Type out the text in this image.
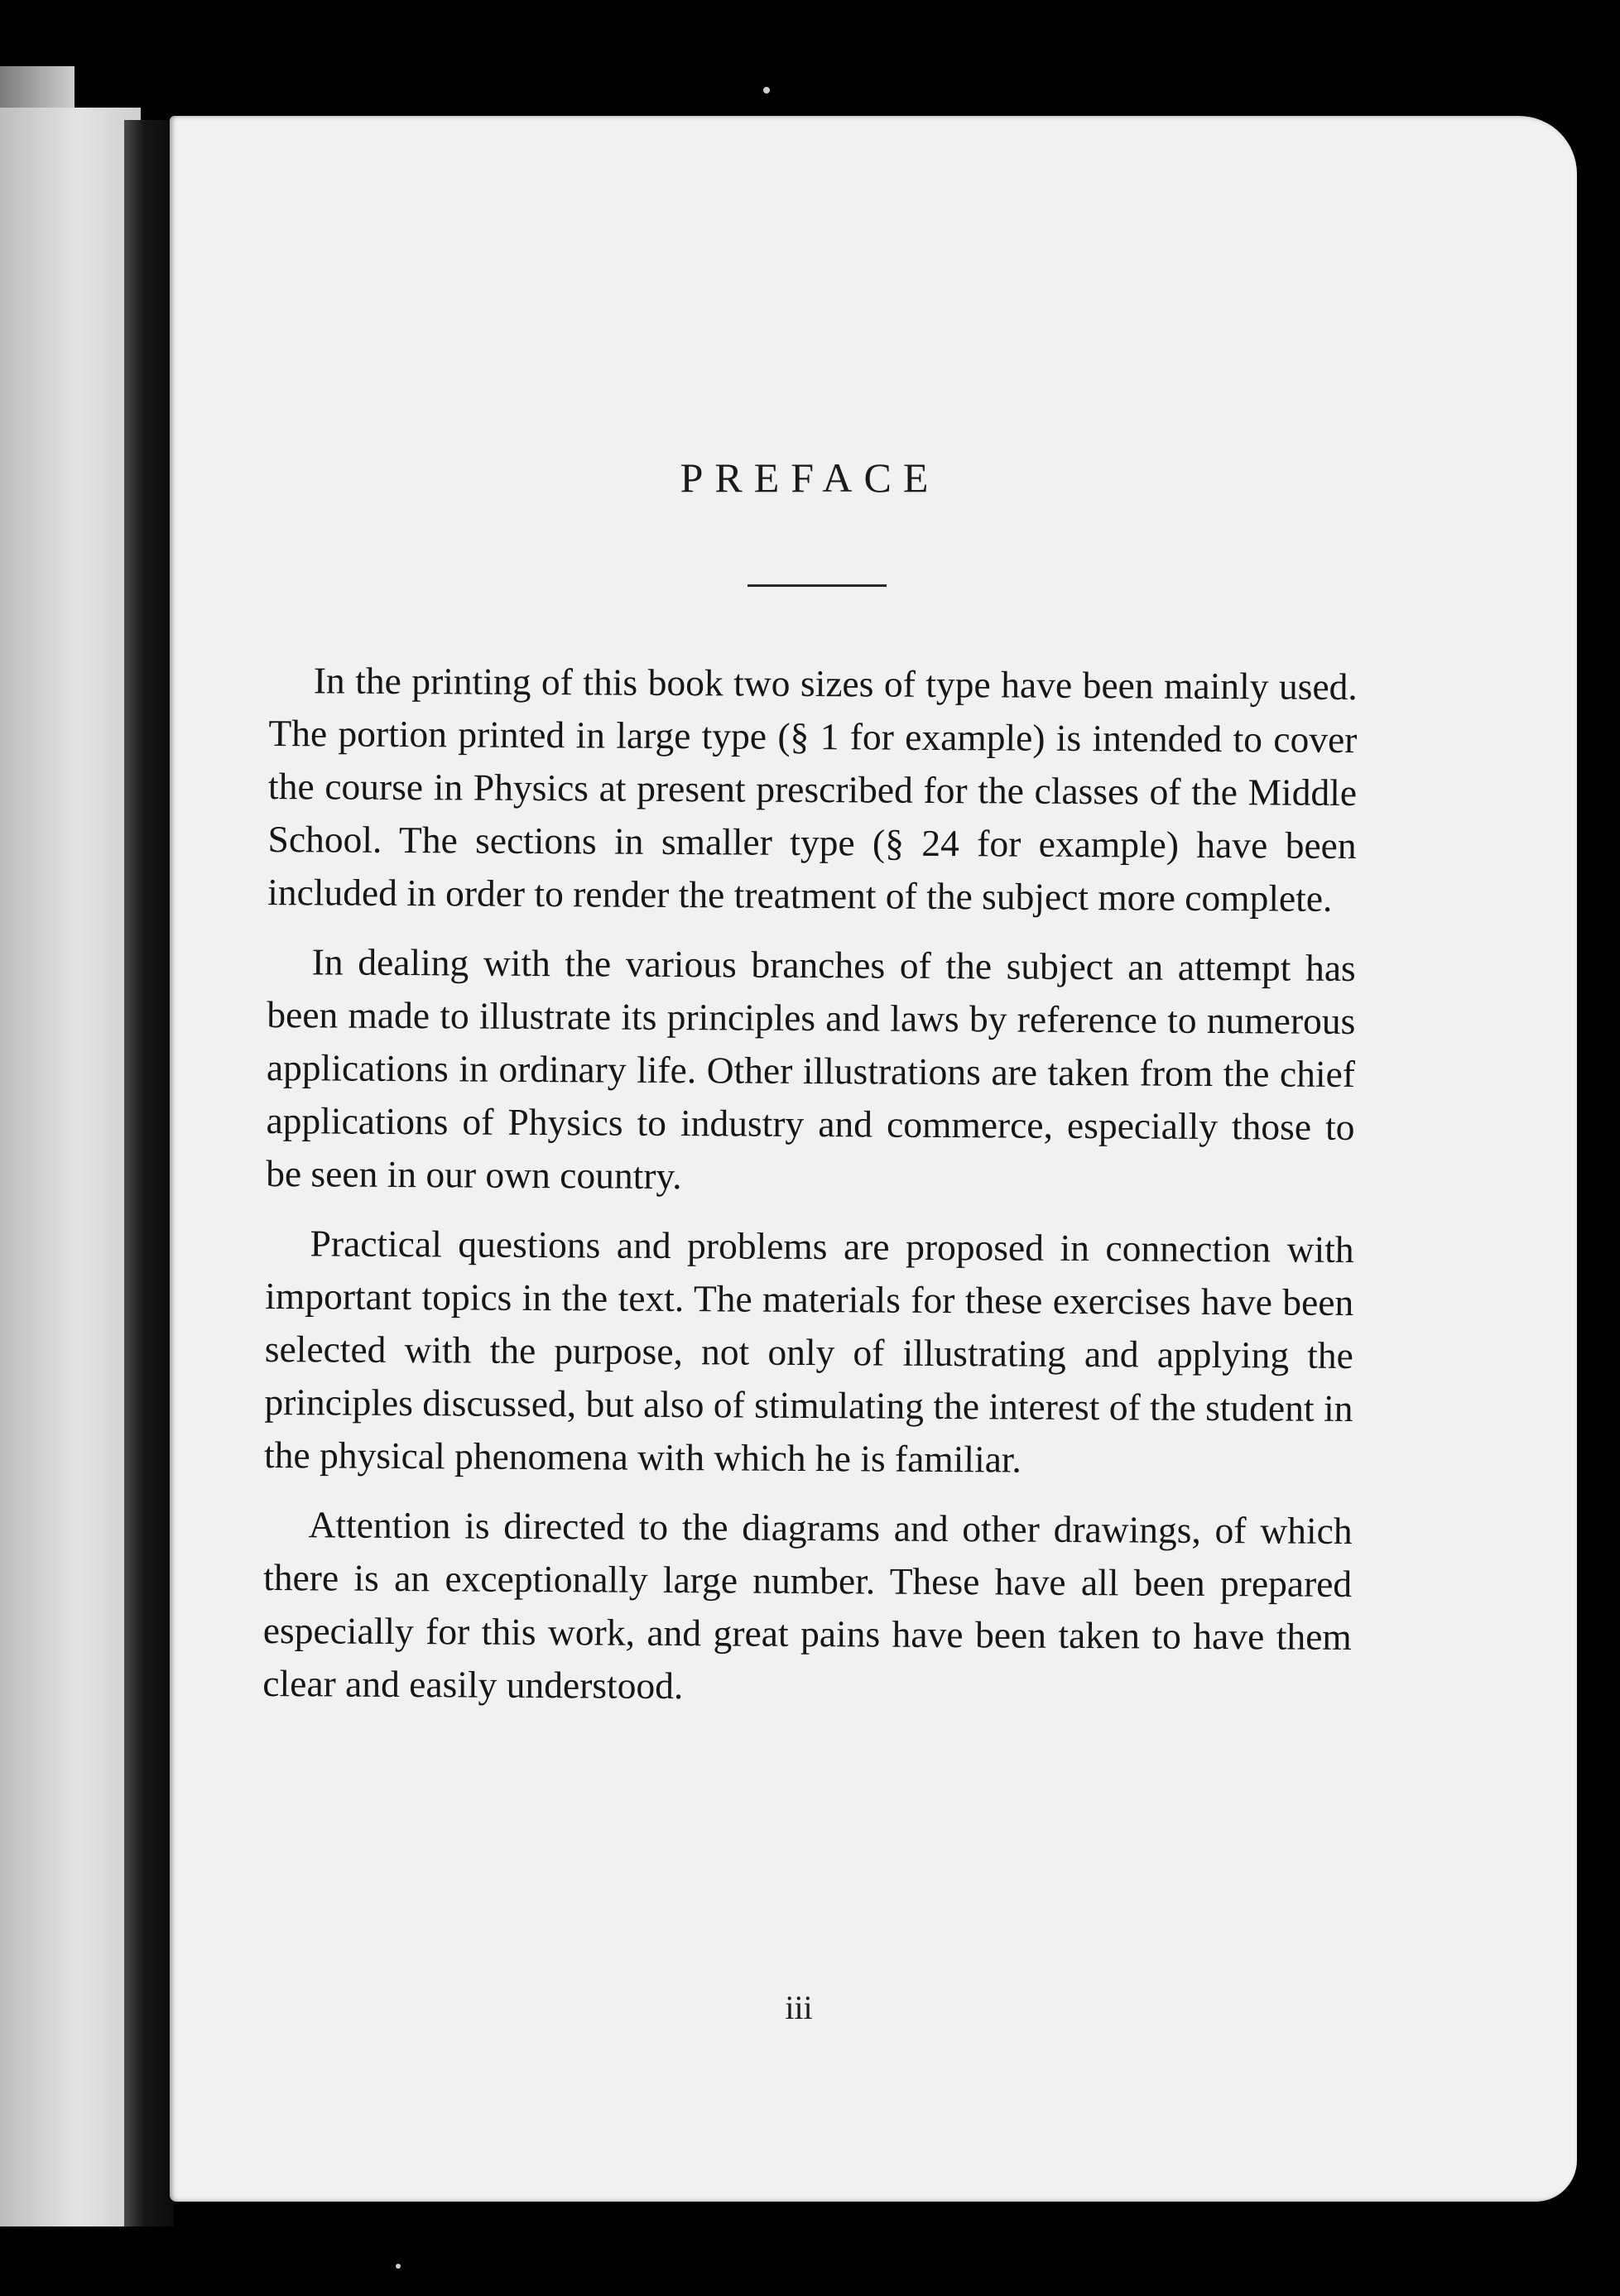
PREFACE

In the printing of this book two sizes of type have been mainly used. The portion printed in large type (§ 1 for example) is intended to cover the course in Physics at present prescribed for the classes of the Middle School. The sections in smaller type (§ 24 for example) have been included in order to render the treatment of the subject more complete.

In dealing with the various branches of the subject an attempt has been made to illustrate its principles and laws by reference to numerous applications in ordinary life. Other illustrations are taken from the chief applications of Physics to industry and commerce, especially those to be seen in our own country.

Practical questions and problems are proposed in connection with important topics in the text. The materials for these exercises have been selected with the purpose, not only of illustrating and applying the principles discussed, but also of stimulating the interest of the student in the physical phenomena with which he is familiar.

Attention is directed to the diagrams and other drawings, of which there is an exceptionally large number. These have all been prepared especially for this work, and great pains have been taken to have them clear and easily understood.

iii
